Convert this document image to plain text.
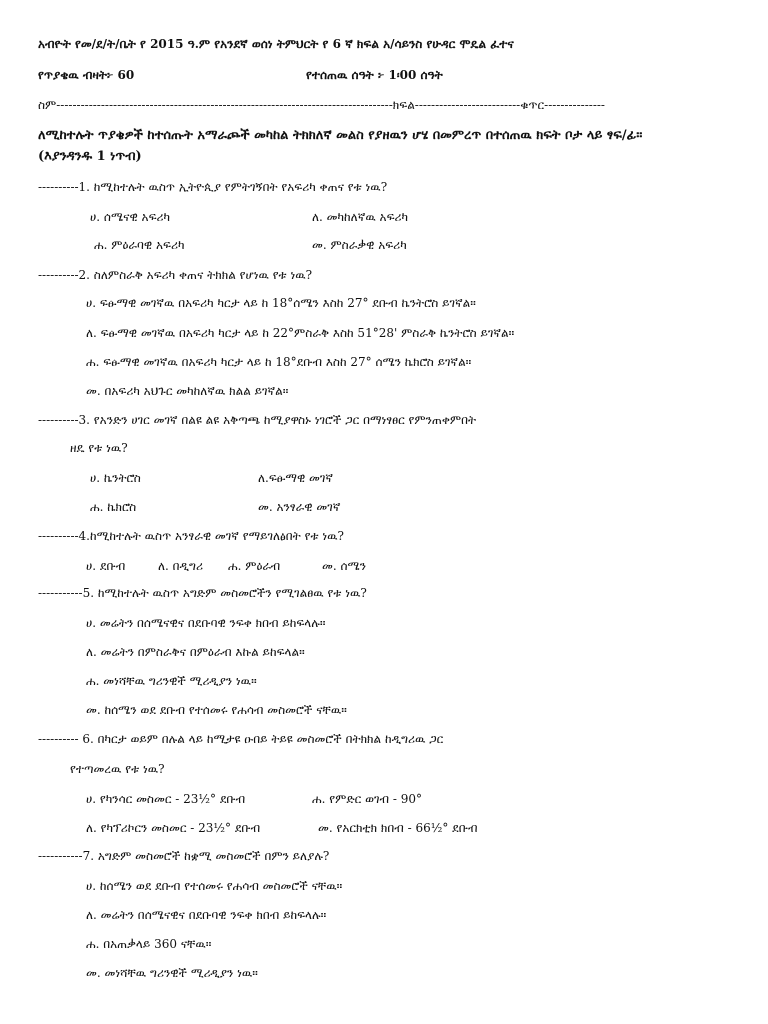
አብዮት የመ/ደ/ት/ቤት የ 2015 ዓ.ም የአንደኛ ወሰነ ትምህርት የ 6 ኛ ክፍል አ/ሳይንስ የሁዳር ሞዴል ፈተና
የጥያቄዉ ብዛት፦ 60	የተሰጠዉ ሰዓት ፦ 1፡00 ሰዓት
ስም-----------------------------------------------------------------------------------ክፍል--------------------------ቁጥር---------------
ለሚከተሉት ጥያቄዎች ከተሰጡት አማራጮች መካከል ትክክለኛ መልስ የያዘዉን ሆሄ በመምረጥ በተሰጠዉ ክፍት ቦታ ላይ ፃፍ/ፊ።
(እያንዳንዱ 1 ነጥብ)
----------1. ከሚከተሉት ዉስጥ ኢትዮጲያ የምትገኝበት የአፍሪካ ቀጠና የቱ ነዉ?
ሀ. ሰሜናዊ አፍሪካ	ለ. መካከለኛዉ አፍሪካ
ሐ. ምዕራባዊ አፍሪካ	መ. ምስራቃዊ አፍሪካ
----------2. ስለምስራቅ አፍሪካ ቀጠና ትክክል የሆነዉ የቱ ነዉ?
ሀ. ፍፁማዊ መገኛዉ በአፍሪካ ካርታ ላይ ከ 18°ሰሜን እስከ 27° ደቡብ ኬንትሮስ ይገኛል።
ለ. ፍፁማዊ መገኛዉ በአፍሪካ ካርታ ላይ ከ 22°ምስራቅ እስከ 51°28' ምስራቅ ኬንትሮስ ይገኛል።
ሐ. ፍፁማዊ መገኛዉ በአፍሪካ ካርታ ላይ ከ 18°ደቡብ እስከ 27° ሰሜን ኬክሮስ ይገኛል።
መ. በአፍሪካ አህጉር መካከለኛዉ ክልል ይገኛል።
----------3. የአንድን ሀገር መገኛ በልዩ ልዩ አቅጣጫ ከሚያዋስኑ ነገሮች ጋር በማነፃፀር የምንጠቀምበት
ዘዴ የቱ ነዉ?
ሀ. ኬንትሮስ	ለ.ፍፁማዊ መገኛ
ሐ. ኬክሮስ	መ. አንፃራዊ መገኛ
----------4.ከሚከተሉት ዉስጥ አንፃራዊ መገኛ የማይገለፅበት የቱ ነዉ?
ሀ. ደቡብ	ለ. በዲግሪ ሐ. ምዕራብ	መ. ሰሜን
-----------5. ከሚከተሉት ዉስጥ አግድም መስመሮችን የሚገልፀዉ የቱ ነዉ?
ሀ. መሬትን በሰሜናዊና በደቡባዊ ንፍቀ ክበብ ይከፍላሉ።
ለ. መሬትን በምስራቅና በምዕራብ እኩል ይከፍላል።
ሐ. መነሻቸዉ ግሪንዊች ሚሪዲያን ነዉ።
መ. ከሰሜን ወደ ደቡብ የተሰመሩ የሐሳብ መስመሮች ናቸዉ።
---------- 6. በካርታ ወይም በሉል ላይ ከሚታዩ ዑበይ ትይዩ መስመሮች በትክክል ከዲግሪዉ ጋር
የተጣመረዉ የቱ ነዉ?
ሀ. የካንሳር መስመር - 23½° ደቡብ	ሐ. የምድር ወገብ - 90°
ለ. የካፕሪኮርን መስመር - 23½° ደቡብ	መ. የአርክቲክ ክበብ - 66½° ደቡብ
-----------7. አግድም መስመሮች ከቋሚ መስመሮች በምን ይለያሉ?
ሀ. ከሰሜን ወደ ደቡብ የተሰመሩ የሐሳብ መስመሮች ናቸዉ።
ለ. መሬትን በሰሜናዊና በደቡባዊ ንፍቀ ክበብ ይከፍላሉ።
ሐ. በአጠቃላይ 360 ናቸዉ።
መ. መነሻቸዉ ግሪንዊች ሚሪዲያን ነዉ።
